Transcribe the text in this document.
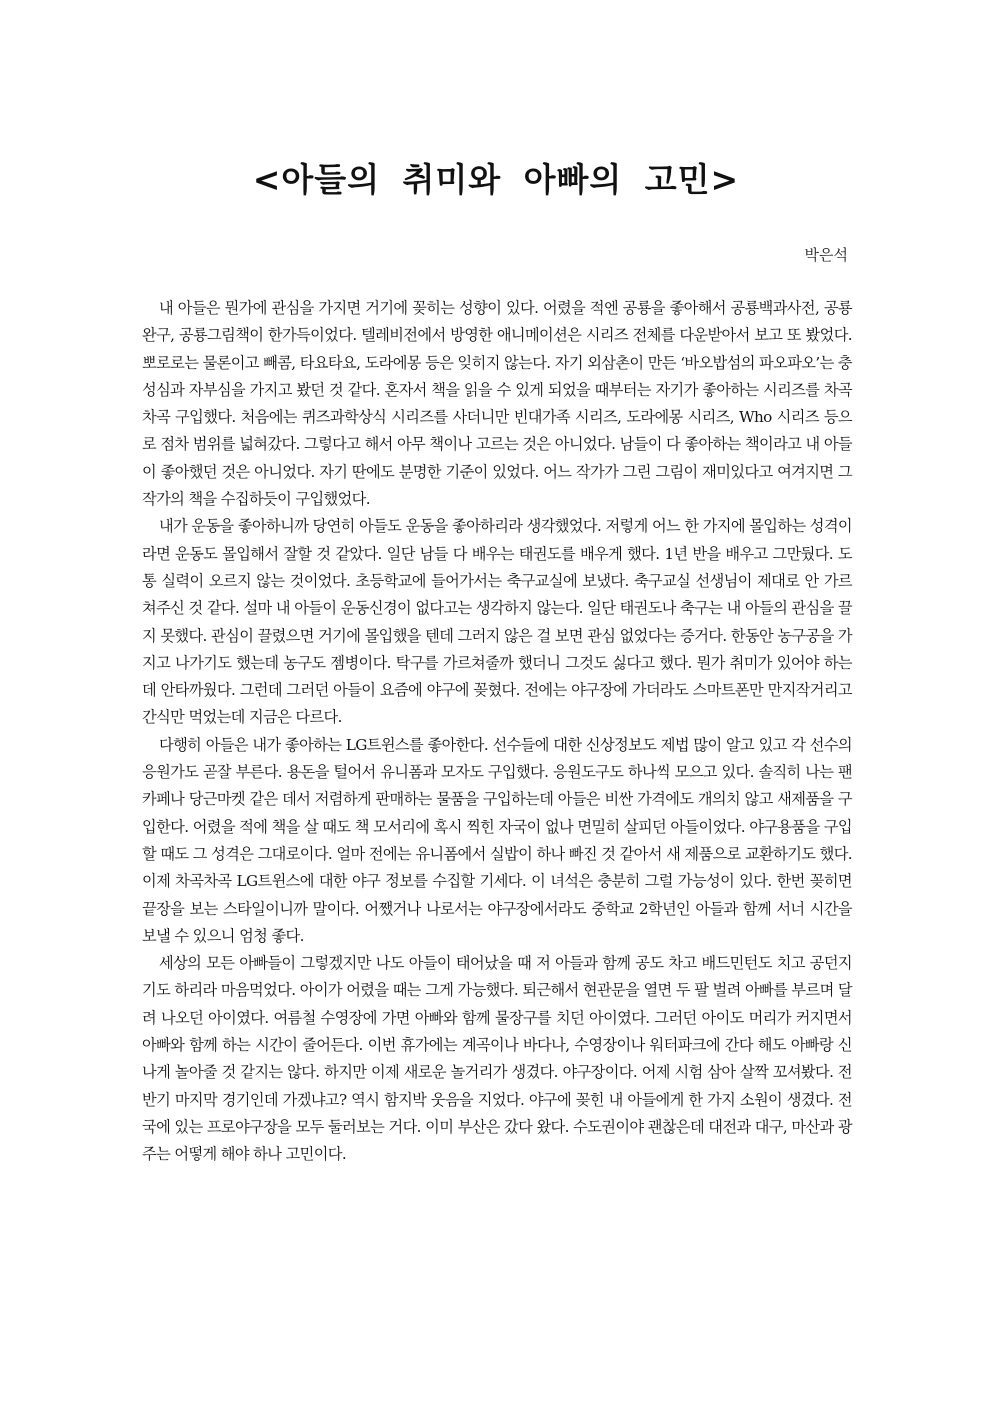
<아들의 취미와 아빠의 고민>
박은석

내 아들은 뭔가에 관심을 가지면 거기에 꽂히는 성향이 있다. 어렸을 적엔 공룡을 좋아해서 공룡백과사전, 공룡완구, 공룡그림책이 한가득이었다. 텔레비전에서 방영한 애니메이션은 시리즈 전체를 다운받아서 보고 또 봤었다. 뽀로로는 물론이고 빼콤, 타요타요, 도라에몽 등은 잊히지 않는다. 자기 외삼촌이 만든 ‘바오밥섬의 파오파오’는 충성심과 자부심을 가지고 봤던 것 같다. 혼자서 책을 읽을 수 있게 되었을 때부터는 자기가 좋아하는 시리즈를 차곡차곡 구입했다. 처음에는 퀴즈과학상식 시리즈를 사더니만 빈대가족 시리즈, 도라에몽 시리즈, Who 시리즈 등으로 점차 범위를 넓혀갔다. 그렇다고 해서 아무 책이나 고르는 것은 아니었다. 남들이 다 좋아하는 책이라고 내 아들이 좋아했던 것은 아니었다. 자기 딴에도 분명한 기준이 있었다. 어느 작가가 그린 그림이 재미있다고 여겨지면 그 작가의 책을 수집하듯이 구입했었다.

내가 운동을 좋아하니까 당연히 아들도 운동을 좋아하리라 생각했었다. 저렇게 어느 한 가지에 몰입하는 성격이라면 운동도 몰입해서 잘할 것 같았다. 일단 남들 다 배우는 태권도를 배우게 했다. 1년 반을 배우고 그만뒀다. 도통 실력이 오르지 않는 것이었다. 초등학교에 들어가서는 축구교실에 보냈다. 축구교실 선생님이 제대로 안 가르쳐주신 것 같다. 설마 내 아들이 운동신경이 없다고는 생각하지 않는다. 일단 태권도나 축구는 내 아들의 관심을 끌지 못했다. 관심이 끌렸으면 거기에 몰입했을 텐데 그러지 않은 걸 보면 관심 없었다는 증거다. 한동안 농구공을 가지고 나가기도 했는데 농구도 젬병이다. 탁구를 가르쳐줄까 했더니 그것도 싫다고 했다. 뭔가 취미가 있어야 하는데 안타까웠다. 그런데 그러던 아들이 요즘에 야구에 꽂혔다. 전에는 야구장에 가더라도 스마트폰만 만지작거리고 간식만 먹었는데 지금은 다르다.

다행히 아들은 내가 좋아하는 LG트윈스를 좋아한다. 선수들에 대한 신상정보도 제법 많이 알고 있고 각 선수의 응원가도 곧잘 부른다. 용돈을 털어서 유니폼과 모자도 구입했다. 응원도구도 하나씩 모으고 있다. 솔직히 나는 팬카페나 당근마켓 같은 데서 저렴하게 판매하는 물품을 구입하는데 아들은 비싼 가격에도 개의치 않고 새제품을 구입한다. 어렸을 적에 책을 살 때도 책 모서리에 혹시 찍힌 자국이 없나 면밀히 살피던 아들이었다. 야구용품을 구입할 때도 그 성격은 그대로이다. 얼마 전에는 유니폼에서 실밥이 하나 빠진 것 같아서 새 제품으로 교환하기도 했다. 이제 차곡차곡 LG트윈스에 대한 야구 정보를 수집할 기세다. 이 녀석은 충분히 그럴 가능성이 있다. 한번 꽂히면 끝장을 보는 스타일이니까 말이다. 어쨌거나 나로서는 야구장에서라도 중학교 2학년인 아들과 함께 서너 시간을 보낼 수 있으니 엄청 좋다.

세상의 모든 아빠들이 그렇겠지만 나도 아들이 태어났을 때 저 아들과 함께 공도 차고 배드민턴도 치고 공던지기도 하리라 마음먹었다. 아이가 어렸을 때는 그게 가능했다. 퇴근해서 현관문을 열면 두 팔 벌려 아빠를 부르며 달려 나오던 아이였다. 여름철 수영장에 가면 아빠와 함께 물장구를 치던 아이였다. 그러던 아이도 머리가 커지면서 아빠와 함께 하는 시간이 줄어든다. 이번 휴가에는 계곡이나 바다나, 수영장이나 워터파크에 간다 해도 아빠랑 신나게 놀아줄 것 같지는 않다. 하지만 이제 새로운 놀거리가 생겼다. 야구장이다. 어제 시험 삼아 살짝 꼬셔봤다. 전반기 마지막 경기인데 가겠냐고? 역시 함지박 웃음을 지었다. 야구에 꽂힌 내 아들에게 한 가지 소원이 생겼다. 전국에 있는 프로야구장을 모두 둘러보는 거다. 이미 부산은 갔다 왔다. 수도권이야 괜찮은데 대전과 대구, 마산과 광주는 어떻게 해야 하나 고민이다.
